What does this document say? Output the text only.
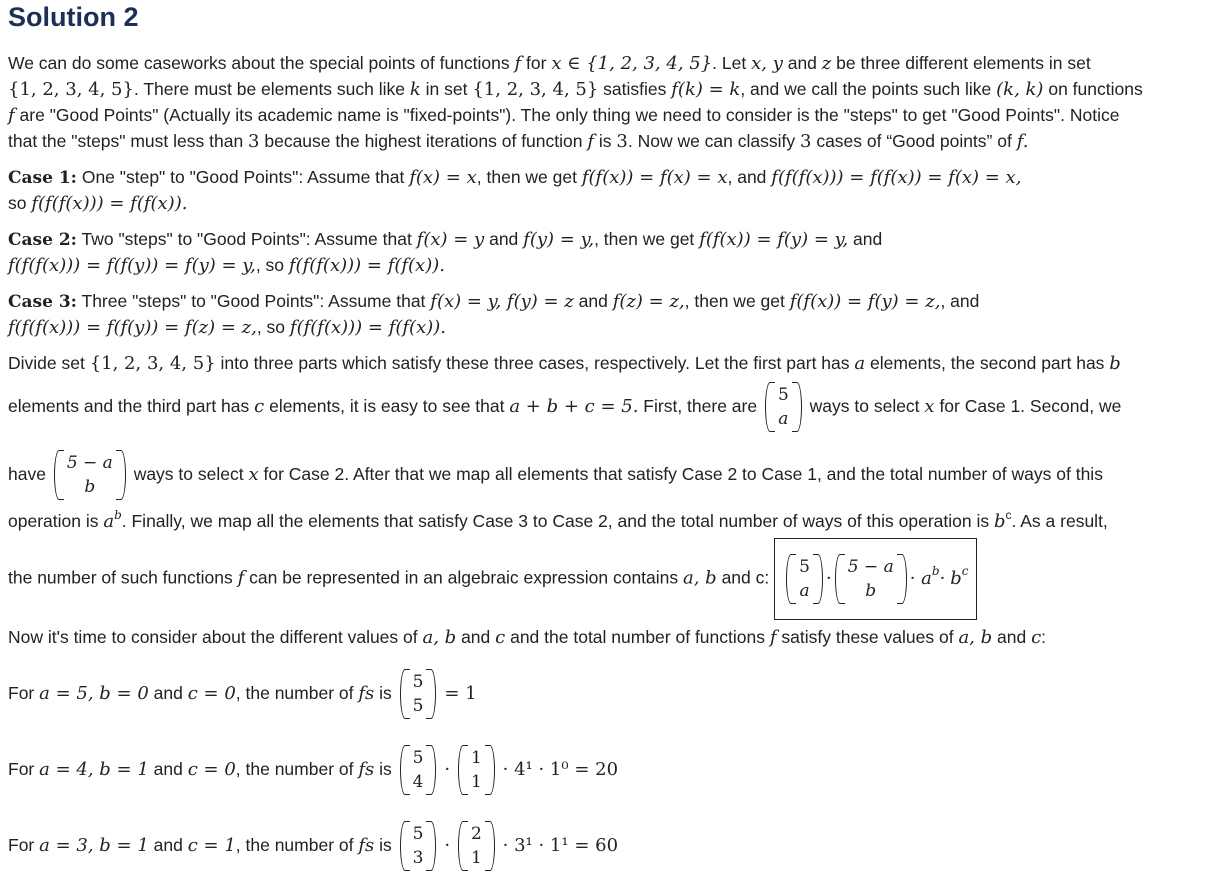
Solution 2
We can do some caseworks about the special points of functions f for x ∈ {1, 2, 3, 4, 5}. Let x, y and z be three different elements in set
{1, 2, 3, 4, 5}. There must be elements such like k in set {1, 2, 3, 4, 5} satisfies f(k) = k, and we call the points such like (k, k) on functions
f are "Good Points" (Actually its academic name is "fixed-points"). The only thing we need to consider is the "steps" to get "Good Points". Notice
that the "steps" must less than 3 because the highest iterations of function f is 3. Now we can classify 3 cases of “Good points” of f.
Case 1: One "step" to "Good Points": Assume that f(x) = x, then we get f(f(x)) = f(x) = x, and f(f(f(x))) = f(f(x)) = f(x) = x,
so f(f(f(x))) = f(f(x)).
Case 2: Two "steps" to "Good Points": Assume that f(x) = y and f(y) = y,, then we get f(f(x)) = f(y) = y, and
f(f(f(x))) = f(f(y)) = f(y) = y,, so f(f(f(x))) = f(f(x)).
Case 3: Three "steps" to "Good Points": Assume that f(x) = y, f(y) = z and f(z) = z,, then we get f(f(x)) = f(y) = z,, and
f(f(f(x))) = f(f(y)) = f(z) = z,, so f(f(f(x))) = f(f(x)).
Divide set {1, 2, 3, 4, 5} into three parts which satisfy these three cases, respectively. Let the first part has a elements, the second part has b
elements and the third part has c elements, it is easy to see that a + b + c = 5. First, there are
5
a
ways to select x for Case 1. Second, we
have
5 − a
b
ways to select x for Case 2. After that we map all elements that satisfy Case 2 to Case 1, and the total number of ways of this
operation is $a^b$. Finally, we map all the elements that satisfy Case 3 to Case 2, and the total number of ways of this operation is $b^c$. As a result,
the number of such functions f can be represented in an algebraic expression contains a, b and c:
5
a
·
5 − a
b
· a b ·
b c
Now it's time to consider about the different values of a, b and c and the total number of functions f satisfy these values of a, b and c:
For a = 5, b = 0 and c = 0, the number of fs is
5
5
= 1
For a = 4, b = 1 and c = 0, the number of fs is
5
4
·
1
1
· 4¹ · 1⁰ = 20
For a = 3, b = 1 and c = 1, the number of fs is
5
3
·
2
1
· 3¹ · 1¹ = 60
